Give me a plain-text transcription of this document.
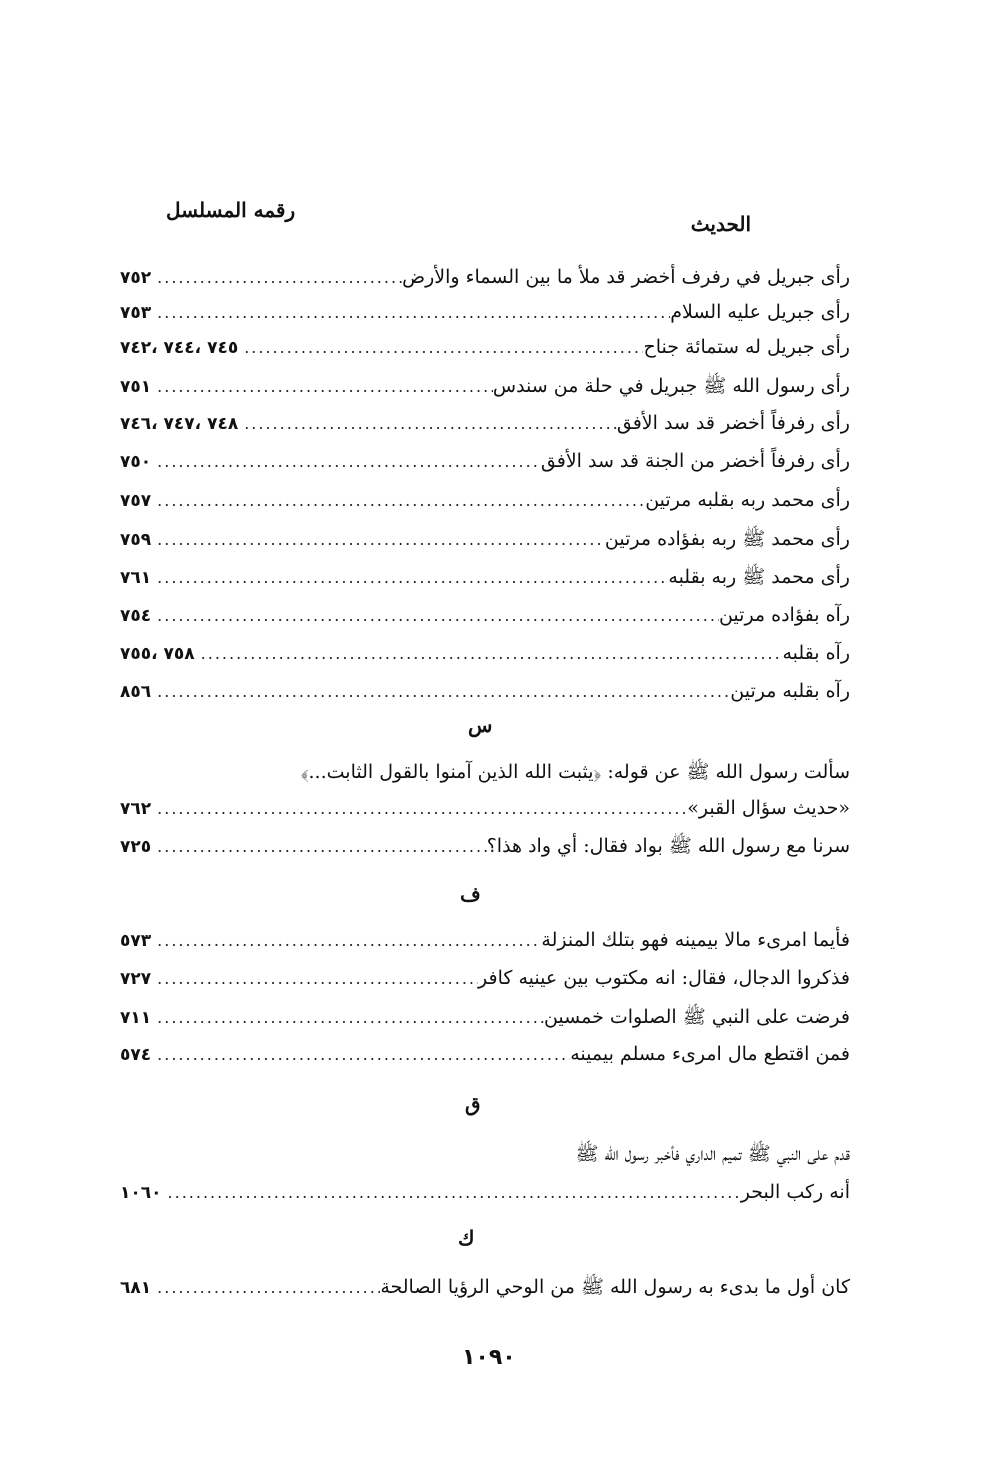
الحديث
رقمه المسلسل
رأى جبريل في رفرف أخضر قد ملأ ما بين السماء والأرض
.....
٧٥٢
رأى جبريل عليه السلام
.....
٧٥٣
رأى جبريل له ستمائة جناح
.....
٧٤٥ ،٧٤٤ ،٧٤٢
رأى رسول الله ﷺ جبريل في حلة من سندس
.....
٧٥١
رأى رفرفاً أخضر قد سد الأفق
.....
٧٤٨ ،٧٤٧ ،٧٤٦
رأى رفرفاً أخضر من الجنة قد سد الأفق
.....
٧٥٠
رأى محمد ربه بقلبه مرتين
.....
٧٥٧
رأى محمد ﷺ ربه بفؤاده مرتين
.....
٧٥٩
رأى محمد ﷺ ربه بقلبه
.....
٧٦١
رآه بفؤاده مرتين
.....
٧٥٤
رآه بقلبه
.....
٧٥٨ ،٧٥٥
رآه بقلبه مرتين
.....
٨٥٦
س
سألت رسول الله ﷺ عن قوله: ﴿يثبت الله الذين آمنوا بالقول الثابت...﴾
«حديث سؤال القبر»
.....
٧٦٢
سرنا مع رسول الله ﷺ بواد فقال: أي واد هذا؟
.....
٧٢٥
ف
فأيما امرىء مالا بيمينه فهو بتلك المنزلة
.....
٥٧٣
فذكروا الدجال، فقال: انه مكتوب بين عينيه كافر
.....
٧٢٧
فرضت على النبي ﷺ الصلوات خمسين
.....
٧١١
فمن اقتطع مال امرىء مسلم بيمينه
.....
٥٧٤
ق
قدم على النبي ﷺ تميم الداري فأخبر رسول الله ﷺ
أنه ركب البحر
.....
١٠٦٠
ك
كان أول ما بدىء به رسول الله ﷺ من الوحي الرؤيا الصالحة
.....
٦٨١
١٠٩٠
